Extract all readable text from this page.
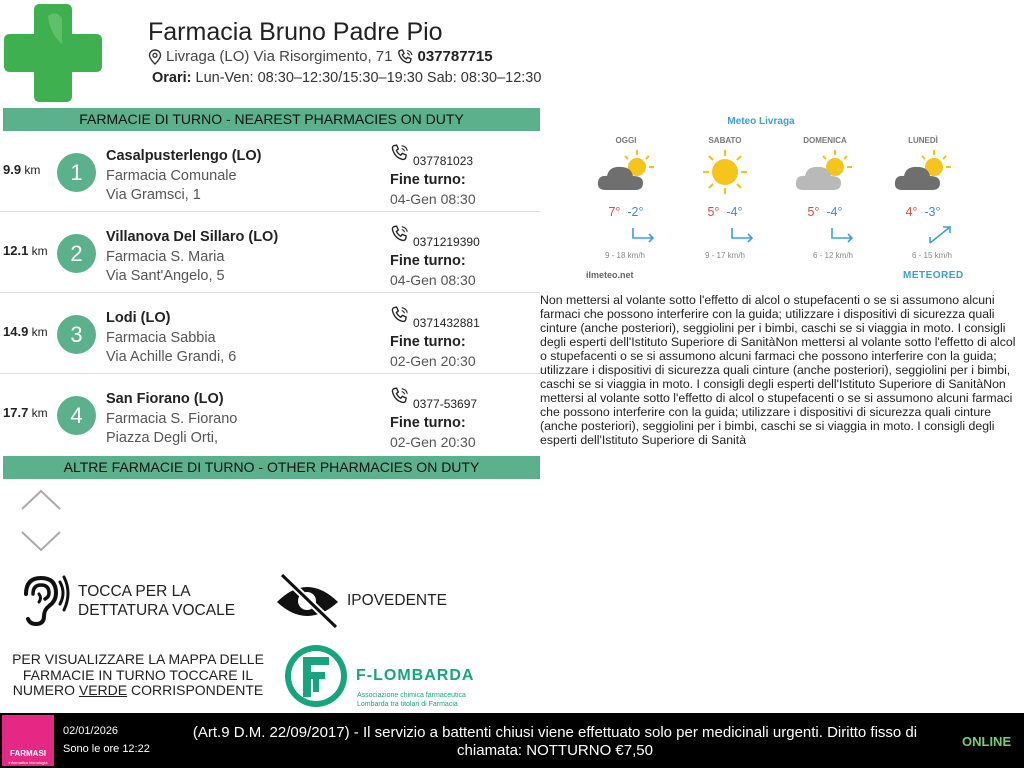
Farmacia Bruno Padre Pio
Livraga (LO) Via Risorgimento, 71 037787715
Orari: Lun-Ven: 08:30–12:30/15:30–19:30 Sab: 08:30–12:30
FARMACIE DI TURNO - NEAREST PHARMACIES ON DUTY
9.9 km	1
Casalpusterlengo (LO)
Farmacia Comunale
Via Gramsci, 1
037781023
Fine turno:
04-Gen 08:30
12.1 km	2
Villanova Del Sillaro (LO)
Farmacia S. Maria
Via Sant'Angelo, 5
0371219390
Fine turno:
04-Gen 08:30
14.9 km	3
Lodi (LO)
Farmacia Sabbia
Via Achille Grandi, 6
0371432881
Fine turno:
02-Gen 20:30
17.7 km	4
San Fiorano (LO)
Farmacia S. Fiorano
Piazza Degli Orti,
0377-53697
Fine turno:
02-Gen 20:30
ALTRE FARMACIE DI TURNO - OTHER PHARMACIES ON DUTY
TOCCA PER LA
DETTATURA VOCALE
IPOVEDENTE
PER VISUALIZZARE LA MAPPA DELLE
FARMACIE IN TURNO TOCCARE IL
NUMERO VERDE CORRISPONDENTE
F-LOMBARDA
Associazione chimica farmaceutica
Lombarda tra titolari di Farmacia
Meteo Livraga
OGGI	SABATO	DOMENICA	LUNEDÌ
7° -2°	5° -4°	5° -4°	4° -3°
9 - 18 km/h	9 - 17 km/h	6 - 12 km/h	6 - 15 km/h
ilmeteo.net	METEORED
Non mettersi al volante sotto l'effetto di alcol o stupefacenti o se si assumono alcuni farmaci che possono interferire con la guida; utilizzare i dispositivi di sicurezza quali cinture (anche posteriori), seggiolini per i bimbi, caschi se si viaggia in moto. I consigli degli esperti dell'Istituto Superiore di SanitàNon mettersi al volante sotto l'effetto di alcol o stupefacenti o se si assumono alcuni farmaci che possono interferire con la guida; utilizzare i dispositivi di sicurezza quali cinture (anche posteriori), seggiolini per i bimbi, caschi se si viaggia in moto. I consigli degli esperti dell'Istituto Superiore di SanitàNon mettersi al volante sotto l'effetto di alcol o stupefacenti o se si assumono alcuni farmaci che possono interferire con la guida; utilizzare i dispositivi di sicurezza quali cinture (anche posteriori), seggiolini per i bimbi, caschi se si viaggia in moto. I consigli degli esperti dell'Istituto Superiore di Sanità
FARMASI
informatica tecnologia
02/01/2026
Sono le ore 12:22
(Art.9 D.M. 22/09/2017) - Il servizio a battenti chiusi viene effettuato solo per medicinali urgenti. Diritto fisso di chiamata: NOTTURNO €7,50
ONLINE
